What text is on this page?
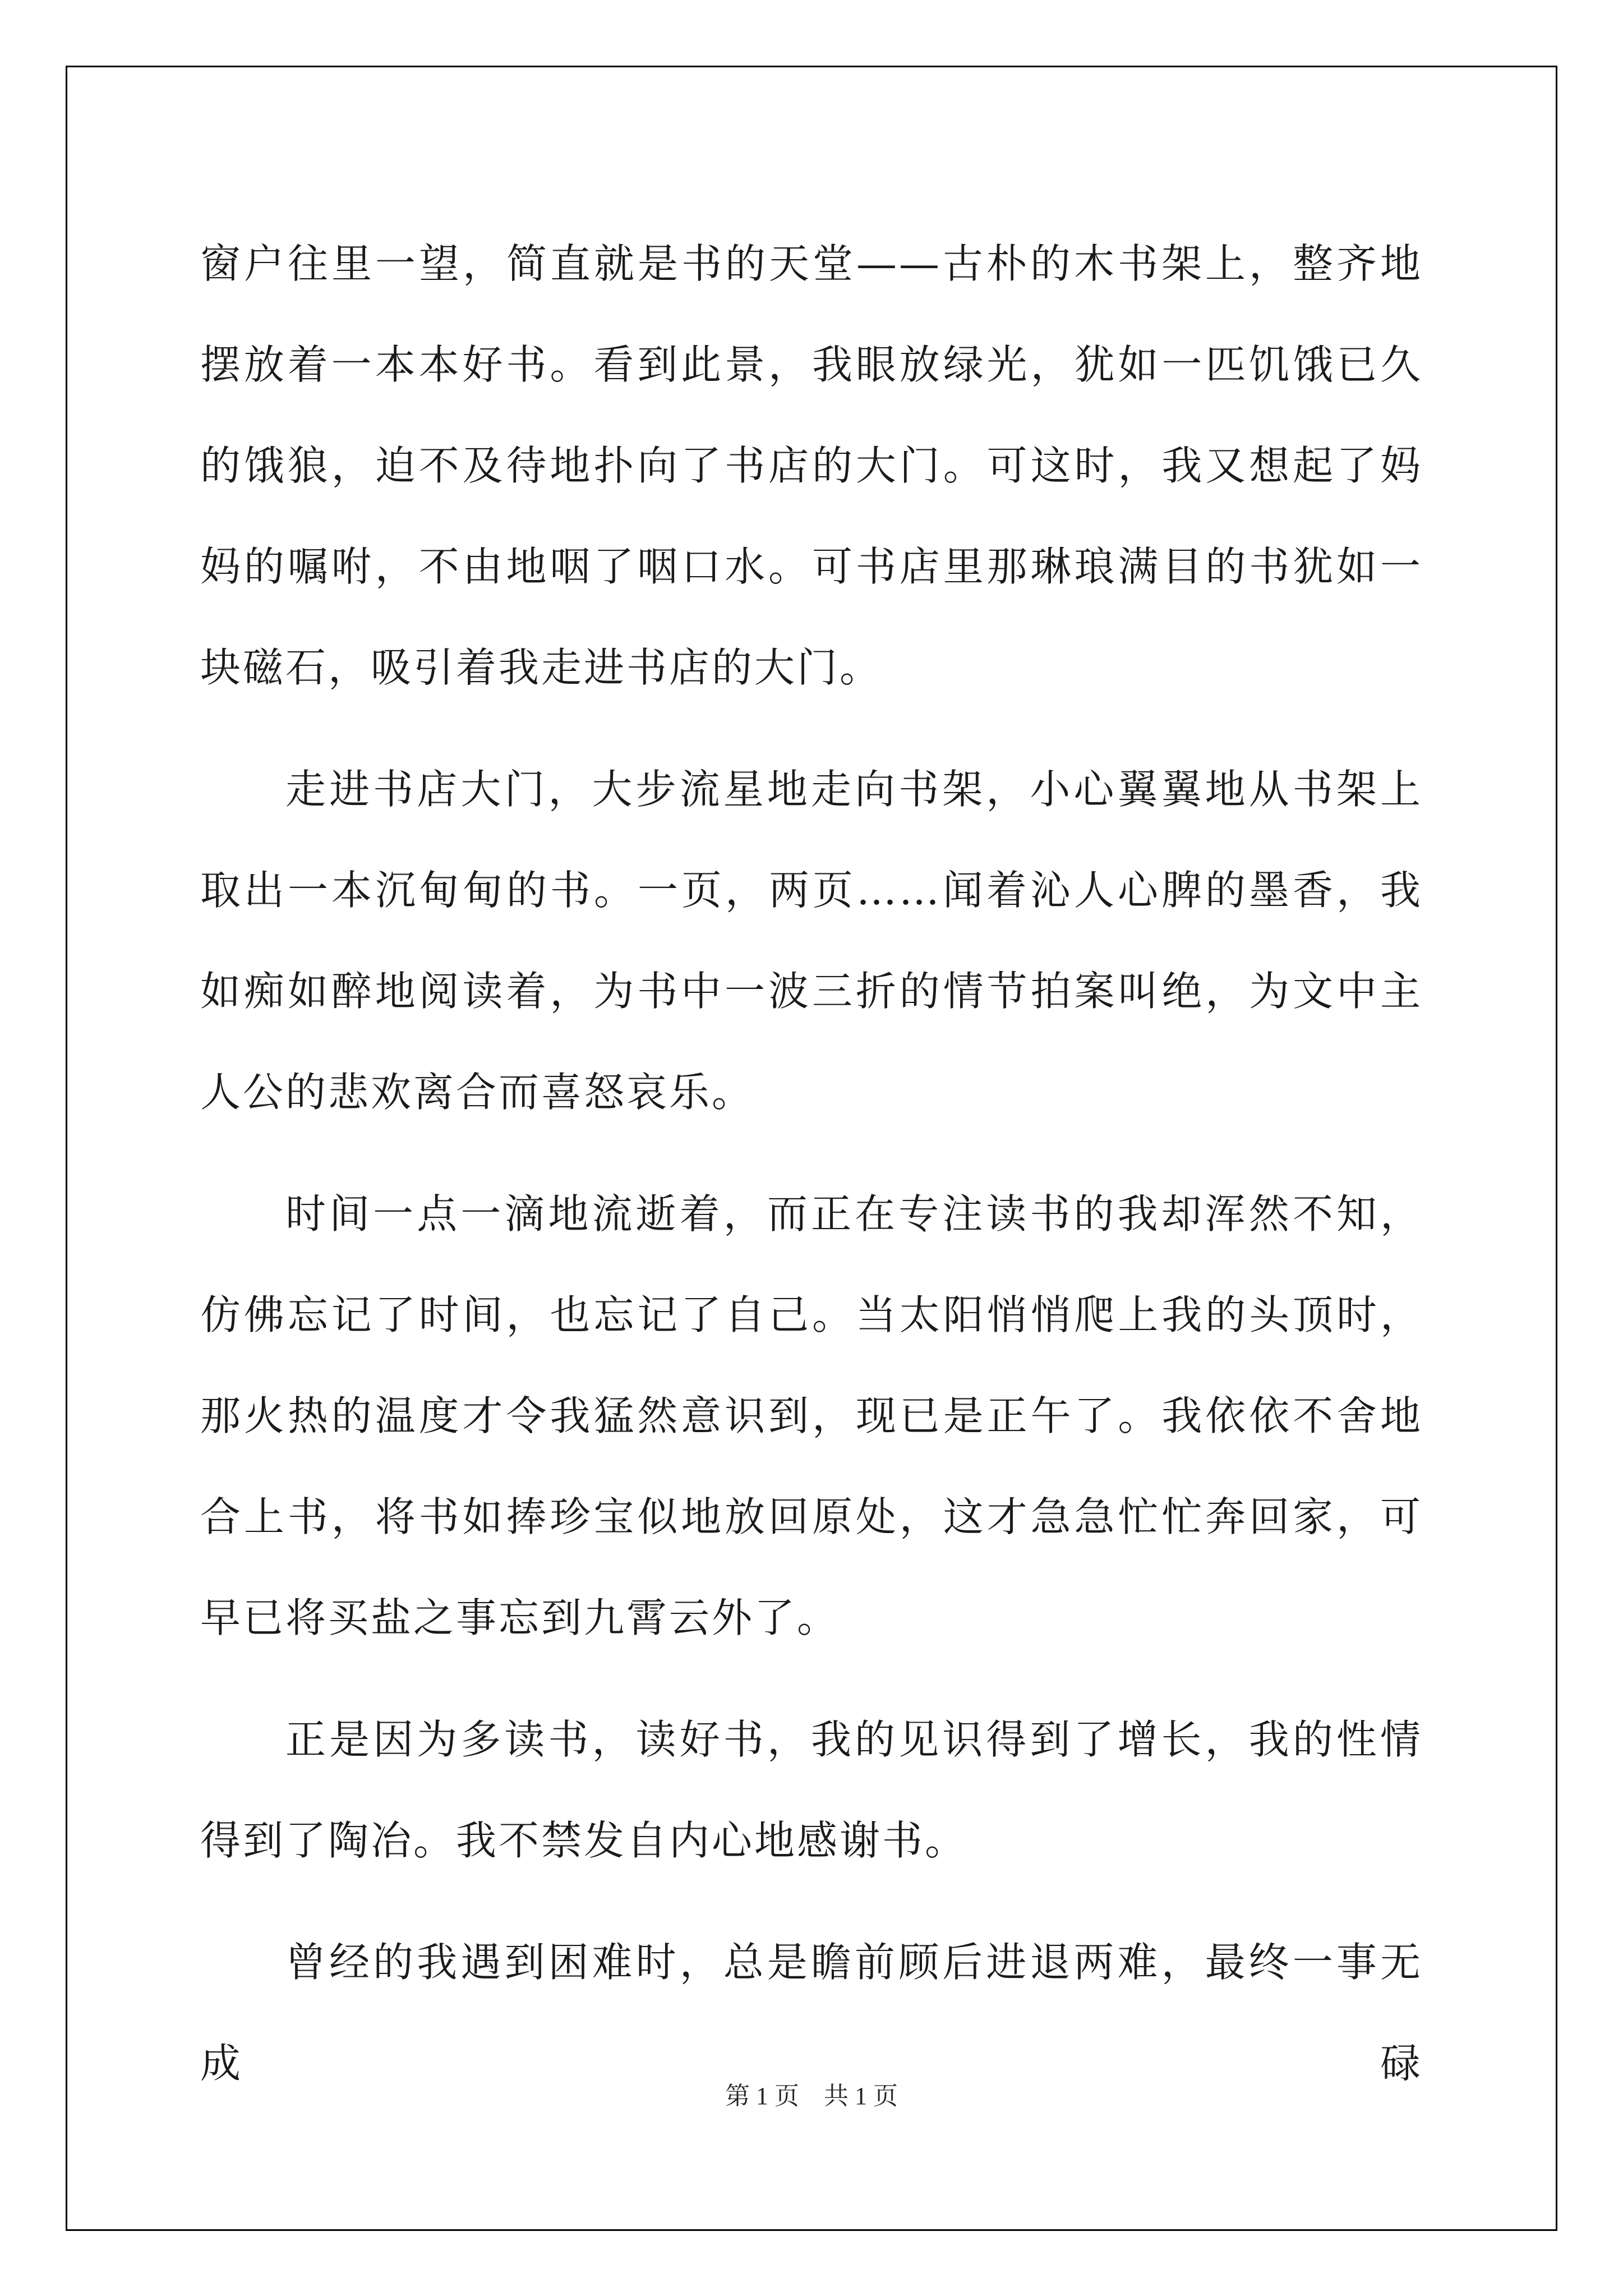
窗户往里一望，简直就是书的天堂——古朴的木书架上，整齐地摆放着一本本好书。看到此景，我眼放绿光，犹如一匹饥饿已久的饿狼，迫不及待地扑向了书店的大门。可这时，我又想起了妈妈的嘱咐，不由地咽了咽口水。可书店里那琳琅满目的书犹如一块磁石，吸引着我走进书店的大门。

走进书店大门，大步流星地走向书架，小心翼翼地从书架上取出一本沉甸甸的书。一页，两页……闻着沁人心脾的墨香，我如痴如醉地阅读着，为书中一波三折的情节拍案叫绝，为文中主人公的悲欢离合而喜怒哀乐。

时间一点一滴地流逝着，而正在专注读书的我却浑然不知，仿佛忘记了时间，也忘记了自己。当太阳悄悄爬上我的头顶时，那火热的温度才令我猛然意识到，现已是正午了。我依依不舍地合上书，将书如捧珍宝似地放回原处，这才急急忙忙奔回家，可早已将买盐之事忘到九霄云外了。

正是因为多读书，读好书，我的见识得到了增长，我的性情得到了陶冶。我不禁发自内心地感谢书。

曾经的我遇到困难时，总是瞻前顾后进退两难，最终一事无成碌

第 1 页    共 1 页
